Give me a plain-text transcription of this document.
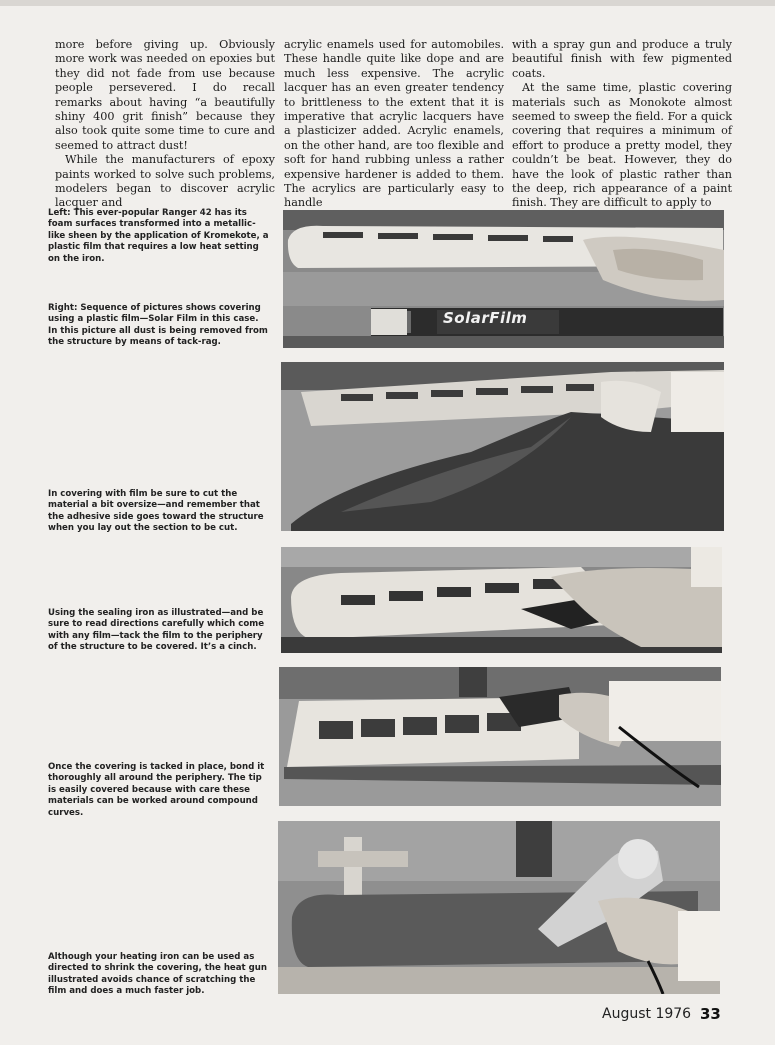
more before giving up. Obviously more work was needed on epoxies but they did not fade from use because people persevered. I do recall remarks about having “a beautifully shiny 400 grit finish” because they also took quite some time to cure and seemed to attract dust!

While the manufacturers of epoxy paints worked to solve such problems, modelers began to discover acrylic lacquer and

acrylic enamels used for automobiles. These handle quite like dope and are much less expensive. The acrylic lacquer has an even greater tendency to brittleness to the extent that it is imperative that acrylic lacquers have a plasticizer added. Acrylic enamels, on the other hand, are too flexible and soft for hand rubbing unless a rather expensive hardener is added to them. The acrylics are particularly easy to handle

with a spray gun and produce a truly beautiful finish with few pigmented coats.

At the same time, plastic covering materials such as Monokote almost seemed to sweep the field. For a quick covering that requires a minimum of effort to produce a pretty model, they couldn’t be beat. However, they do have the look of plastic rather than the deep, rich appearance of a paint finish. They are difficult to apply to

Left: This ever-popular Ranger 42 has its foam surfaces transformed into a metallic-like sheen by the application of Kromekote, a plastic film that requires a low heat setting on the iron.
Right: Sequence of pictures shows covering using a plastic film—Solar Film in this case. In this picture all dust is being removed from the structure by means of tack-rag.
In covering with film be sure to cut the material a bit oversize—and remember that the adhesive side goes toward the structure when you lay out the section to be cut.
Using the sealing iron as illustrated—and be sure to read directions carefully which come with any film—tack the film to the periphery of the structure to be covered. It’s a cinch.
Once the covering is tacked in place, bond it thoroughly all around the periphery. The tip is easily covered because with care these materials can be worked around compound curves.
Although your heating iron can be used as directed to shrink the covering, the heat gun illustrated avoids chance of scratching the film and does a much faster job.
SolarFilm
August 1976 33
